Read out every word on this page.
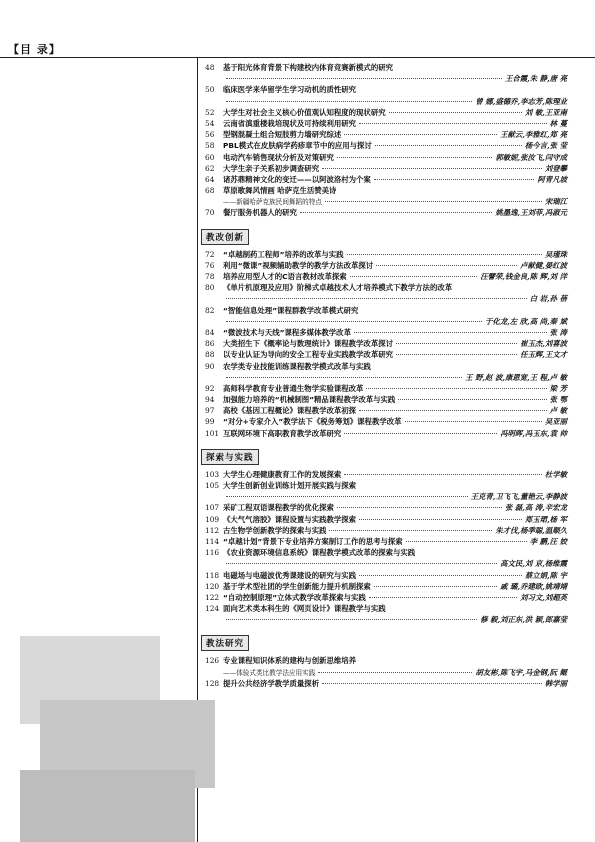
【目 录】
48	基于阳光体育背景下构建校内体育竞赛新模式的研究
王合霞,朱 静,唐 亮
50	临床医学来华留学生学习动机的质性研究
曾 娜,盛德乔,李志芳,陈理业
52	大学生对社会主义核心价值观认知程度的现状研究	刘 敏,王亚南
54	云南省滇重楼栽培现状及可持续利用研究	林 蔓
56	型钢混凝土组合短肢剪力墙研究综述	王献云,李雅红,郑 亮
58	PBL模式在皮肤病学药疹章节中的应用与探讨	杨今言,张 莹
60	电动汽车销售现状分析及对策研究	郭敏妮,张汝飞,闫守成
62	大学生亲子关系初步调查研究	刘登攀
64	诸苏鼎精神文化的变迁——以阿波洛村为个案	阿青凡坡
68	草原歌舞风情画 哈萨克生活赞美诗
——新疆哈萨克族民间舞蹈的特点	宋瑞江
70	餐厅服务机器人的研究	姚墨逸,王刘菲,冯淑元
教改创新
72	“卓越制药工程师”培养的改革与实践	吴瑾珠
76	利用“微课”视频辅助教学的教学方法改革探讨	卢献健,晏红波
78	培养应用型人才的C语言教材改革探索	汪譬荣,钱金良,陈 辉,刘 洋
80	《单片机原理及应用》阶梯式卓越技术人才培养模式下教学方法的改革
白 岩,孙 蓓
82	“智能信息处理”课程群教学改革模式研究
于化龙,左 欣,高 尚,秦 斌
84	“微波技术与天线”课程多媒体教学改革	张 涛
86	大类招生下《概率论与数理统计》课程教学改革探讨	崔玉杰,刘喜波
88	以专业认证为导向的安全工程专业实践教学改革研究	任玉辉,王文才
90	农学类专业技能训练课程教学模式改革与实践
王 野,赵 波,康恩宽,王 程,卢 敏
92	高师科学教育专业普通生物学实验课程改革	梁 芳
94	加强能力培养的“机械制图”精品课程教学改革与实践	张 鄂
97	高校《基因工程概论》课程教学改革初探	卢 敏
99	“对分+专家介入”教学法下《税务筹划》课程教学改革	吴亚丽
101 互联网环境下高职教育教学改革研究	冯明晖,冯玉东,袁 帅
探索与实践
103 大学生心理健康教育工作的发展探索	杜学敏
105 大学生创新创业训练计划开展实践与探索
王克青,卫飞飞,董艳云,李静波
107 采矿工程双语课程教学的优化探索	张 磊,高 涛,辛宏龙
109 《大气气溶胶》课程设置与实践教学探索	郑玉珺,杨 军
112 古生物学创新教学的探索与实践	朱才伐,杨季聪,温顺久
114 “卓越计划”背景下专业培养方案制订工作的思考与探索	李 鹏,汪 姣
116 《农业资源环境信息系统》课程教学模式改革的探索与实践
高文民,刘 京,杨维霞
118 电磁场与电磁波优秀课建设的研究与实践	蔡立娟,陈 宇
120 基于学术型社团的学生创新能力提升机制探索	戚 璐,乔建欧,姚靖靖
122 “自动控制原理”立体式教学改革探索与实践	刘习文,刘超英
124 面向艺术类本科生的《网页设计》课程教学与实践
修 毅,刘正东,洪 颖,郎嘉莹
教法研究
126 专业课程知识体系的建构与创新思维培养
——体验式类比教学法应用实践	胡友彬,陈飞宇,马金钢,阮 鲲
128 提升公共经济学教学质量探析	韩学丽
